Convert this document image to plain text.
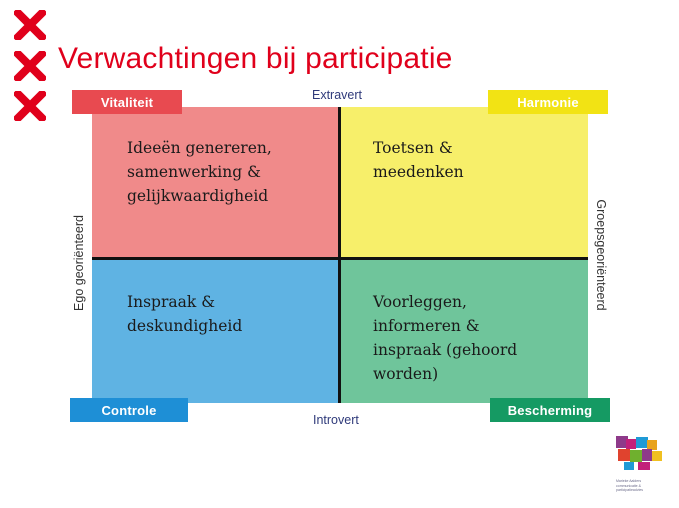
Verwachtingen bij participatie
Ideeën genereren,
samenwerking &
gelijkwaardigheid
Toetsen &
meedenken
Inspraak &
deskundigheid
Voorleggen,
informeren &
inspraak (gehoord
worden)
Vitaliteit	Harmonie
Controle	Bescherming
Extravert
Introvert
Ego georiënteerd	Groepsgeoriënteerd
Marieke Aalders
communicatie &
participatieadvies
